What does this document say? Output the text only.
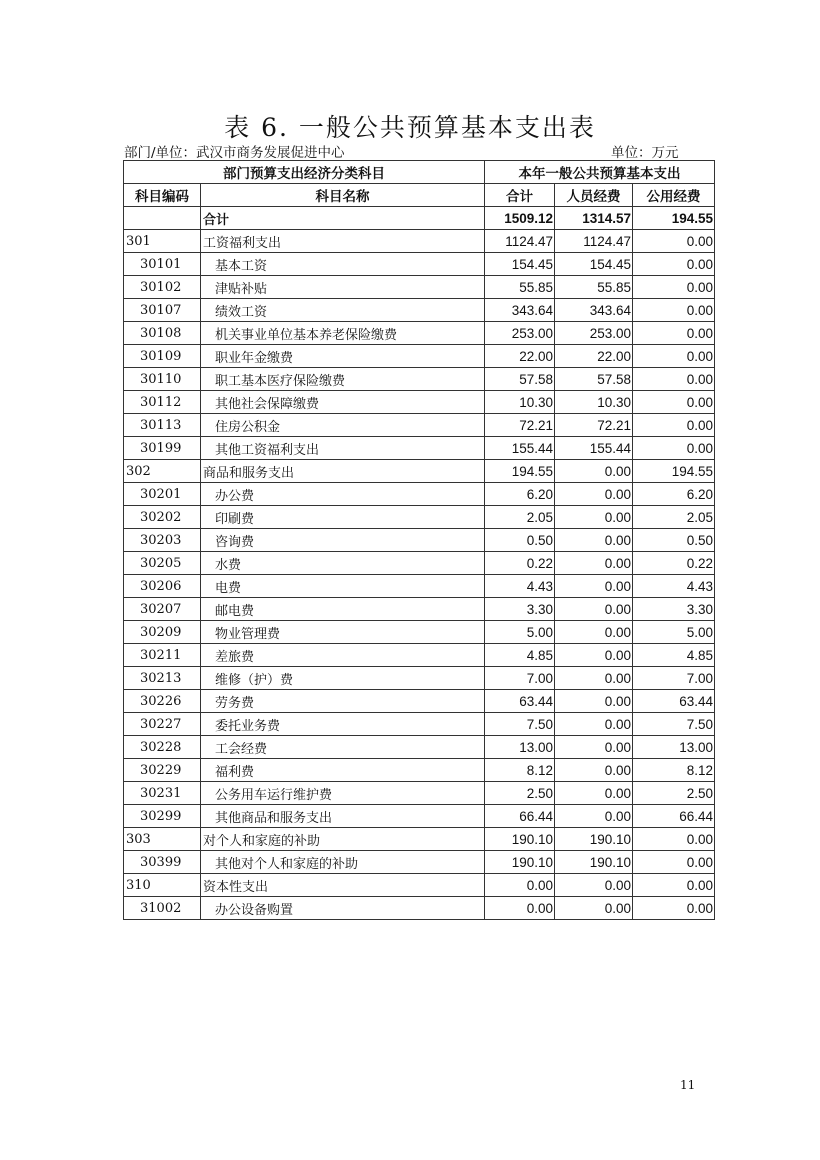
表 6. 一般公共预算基本支出表
部门/单位：武汉市商务发展促进中心	单位：万元
部门预算支出经济分类科目		本年一般公共预算基本支出		
科目编码	科目名称	合计	人员经费	公用经费
	合计	1509.12	1314.57	194.55
301	工资福利支出	1124.47	1124.47	0.00
30101	基本工资	154.45	154.45	0.00
30102	津贴补贴	55.85	55.85	0.00
30107	绩效工资	343.64	343.64	0.00
30108	机关事业单位基本养老保险缴费	253.00	253.00	0.00
30109	职业年金缴费	22.00	22.00	0.00
30110	职工基本医疗保险缴费	57.58	57.58	0.00
30112	其他社会保障缴费	10.30	10.30	0.00
30113	住房公积金	72.21	72.21	0.00
30199	其他工资福利支出	155.44	155.44	0.00
302	商品和服务支出	194.55	0.00	194.55
30201	办公费	6.20	0.00	6.20
30202	印刷费	2.05	0.00	2.05
30203	咨询费	0.50	0.00	0.50
30205	水费	0.22	0.00	0.22
30206	电费	4.43	0.00	4.43
30207	邮电费	3.30	0.00	3.30
30209	物业管理费	5.00	0.00	5.00
30211	差旅费	4.85	0.00	4.85
30213	维修（护）费	7.00	0.00	7.00
30226	劳务费	63.44	0.00	63.44
30227	委托业务费	7.50	0.00	7.50
30228	工会经费	13.00	0.00	13.00
30229	福利费	8.12	0.00	8.12
30231	公务用车运行维护费	2.50	0.00	2.50
30299	其他商品和服务支出	66.44	0.00	66.44
303	对个人和家庭的补助	190.10	190.10	0.00
30399	其他对个人和家庭的补助	190.10	190.10	0.00
310	资本性支出	0.00	0.00	0.00
31002	办公设备购置	0.00	0.00	0.00
11
